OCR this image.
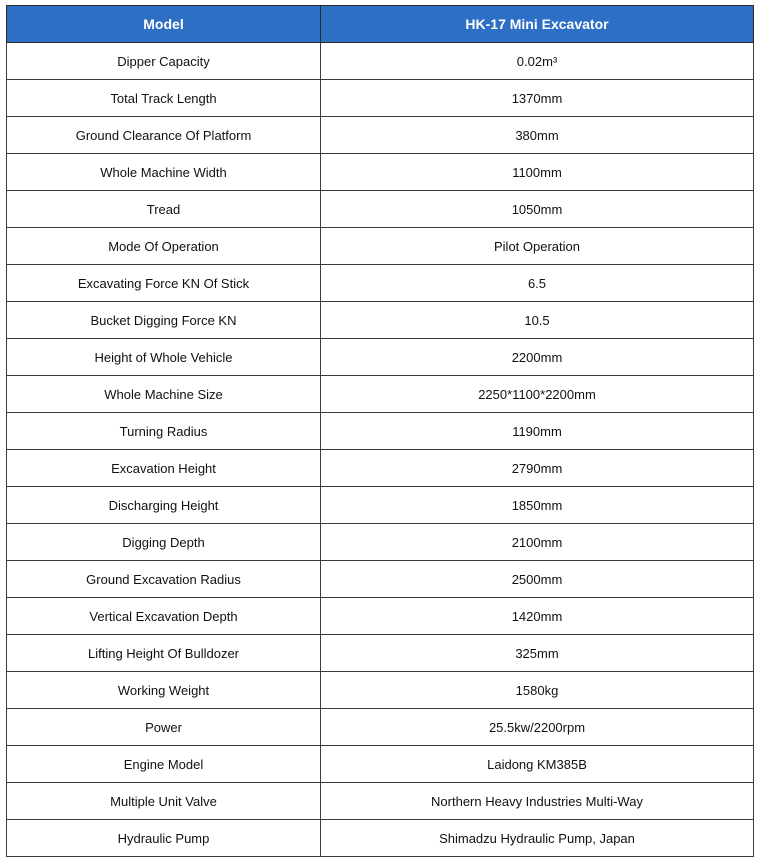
Model	HK-17 Mini Excavator
Dipper Capacity	0.02m³
Total Track Length	1370mm
Ground Clearance Of Platform	380mm
Whole Machine Width	1100mm
Tread	1050mm
Mode Of Operation	Pilot Operation
Excavating Force KN Of Stick	6.5
Bucket Digging Force KN	10.5
Height of Whole Vehicle	2200mm
Whole Machine Size	2250*1100*2200mm
Turning Radius	1190mm
Excavation Height	2790mm
Discharging Height	1850mm
Digging Depth	2100mm
Ground Excavation Radius	2500mm
Vertical Excavation Depth	1420mm
Lifting Height Of Bulldozer	325mm
Working Weight	1580kg
Power	25.5kw/2200rpm
Engine Model	Laidong KM385B
Multiple Unit Valve	Northern Heavy Industries Multi-Way
Hydraulic Pump	Shimadzu Hydraulic Pump, Japan
